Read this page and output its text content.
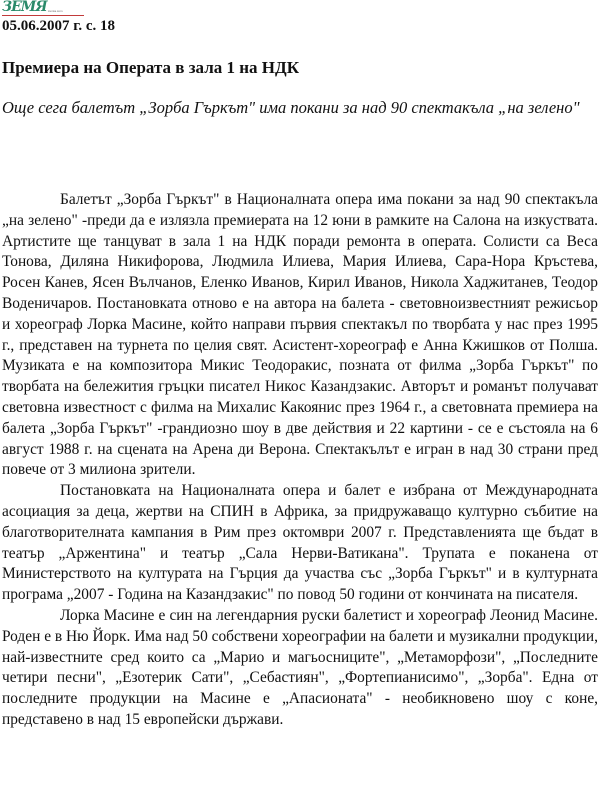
ЗЕМЯ zemia.com
05.06.2007 г. с. 18
Премиера на Операта в зала 1 на НДК
Още сега балетът „Зорба Гъркът" има покани за над 90 спектакъла „на зелено"

Балетът „Зорба Гъркът" в Националната опера има покани за над 90 спектакъла „на зелено" -преди да е излязла премиерата на 12 юни в рамките на Салона на изкуствата. Артистите ще танцуват в зала 1 на НДК поради ремонта в операта. Солисти са Веса Тонова, Диляна Никифорова, Людмила Илиева, Мария Илиева, Сара-Нора Кръстева, Росен Канев, Ясен Вълчанов, Еленко Иванов, Кирил Иванов, Никола Хаджитанев, Теодор Воденичаров. Постановката отново е на автора на балета - световноизвестният режисьор и хореограф Лорка Масине, който направи първия спектакъл по творбата у нас през 1995 г., представен на турнета по целия свят. Асистент-хореограф е Анна Кжишков от Полша. Музиката е на композитора Микис Теодоракис, позната от филма „Зорба Гъркът" по творбата на бележития гръцки писател Никос Казандзакис. Авторът и романът получават световна известност с филма на Михалис Какоянис през 1964 г., а световната премиера на балета „Зорба Гъркът" -грандиозно шоу в две действия и 22 картини - се е състояла на 6 август 1988 г. на сцената на Арена ди Верона. Спектакълът е игран в над 30 страни пред повече от 3 милиона зрители.

Постановката на Националната опера и балет е избрана от Международната асоциация за деца, жертви на СПИН в Африка, за придружаващо културно събитие на благотворителната кампания в Рим през октомври 2007 г. Представленията ще бъдат в театър „Аржентина" и театър „Сала Нерви-Ватикана". Трупата е поканена от Министерството на културата на Гърция да участва със „Зорба Гъркът" и в културната програма „2007 - Година на Казандзакис" по повод 50 години от кончината на писателя.

Лорка Масине е син на легендарния руски балетист и хореограф Леонид Масине. Роден е в Ню Йорк. Има над 50 собствени хореографии на балети и музикални продукции, най-известните сред които са „Марио и магьосниците", „Метаморфози", „Последните четири песни", „Езотерик Сати", „Себастиян", „Фортепианисимо", „Зорба". Една от последните продукции на Масине е „Апасионата" - необикновено шоу с коне, представено в над 15 европейски държави.
